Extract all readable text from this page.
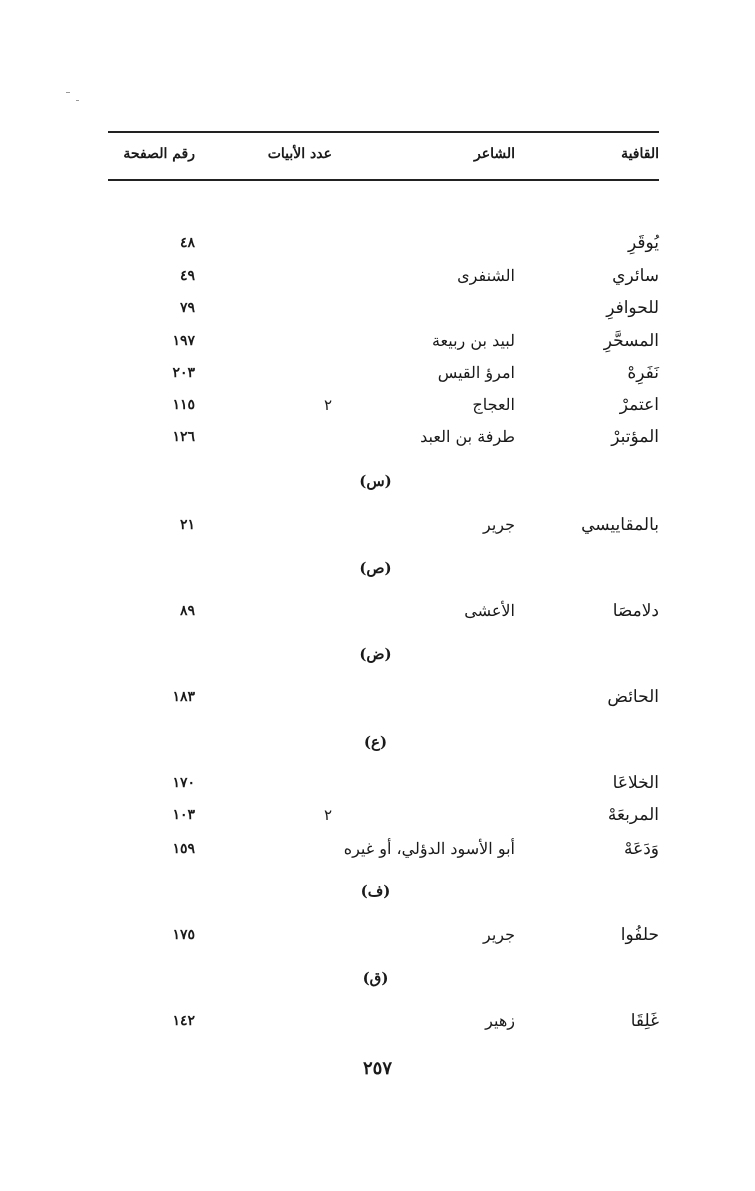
القافية
الشاعر
عدد الأبيات
رقم الصفحة
يُوقَرِ
٤٨
سائري
الشنفرى
٤٩
للحوافرِ
٧٩
المسحَّرِ
لبيد بن ربيعة
١٩٧
نَفَرِهْ
امرؤ القيس
٢٠٣
اعتمرْ
العجاج
٢
١١٥
المؤتبرْ
طرفة بن العبد
١٢٦
(س)
بالمقاييسي
جرير
٢١
(ص)
دلامصَا
الأعشى
٨٩
(ض)
الحائض
١٨٣
(ع)
الخلاعَا
١٧٠
المربعَهْ
٢
١٠٣
وَدَعَهْ
أبو الأسود الدؤلي، أو غيره
١٥٩
(ف)
حلفُوا
جرير
١٧٥
(ق)
غَلِقَا
زهير
١٤٢
٢٥٧
